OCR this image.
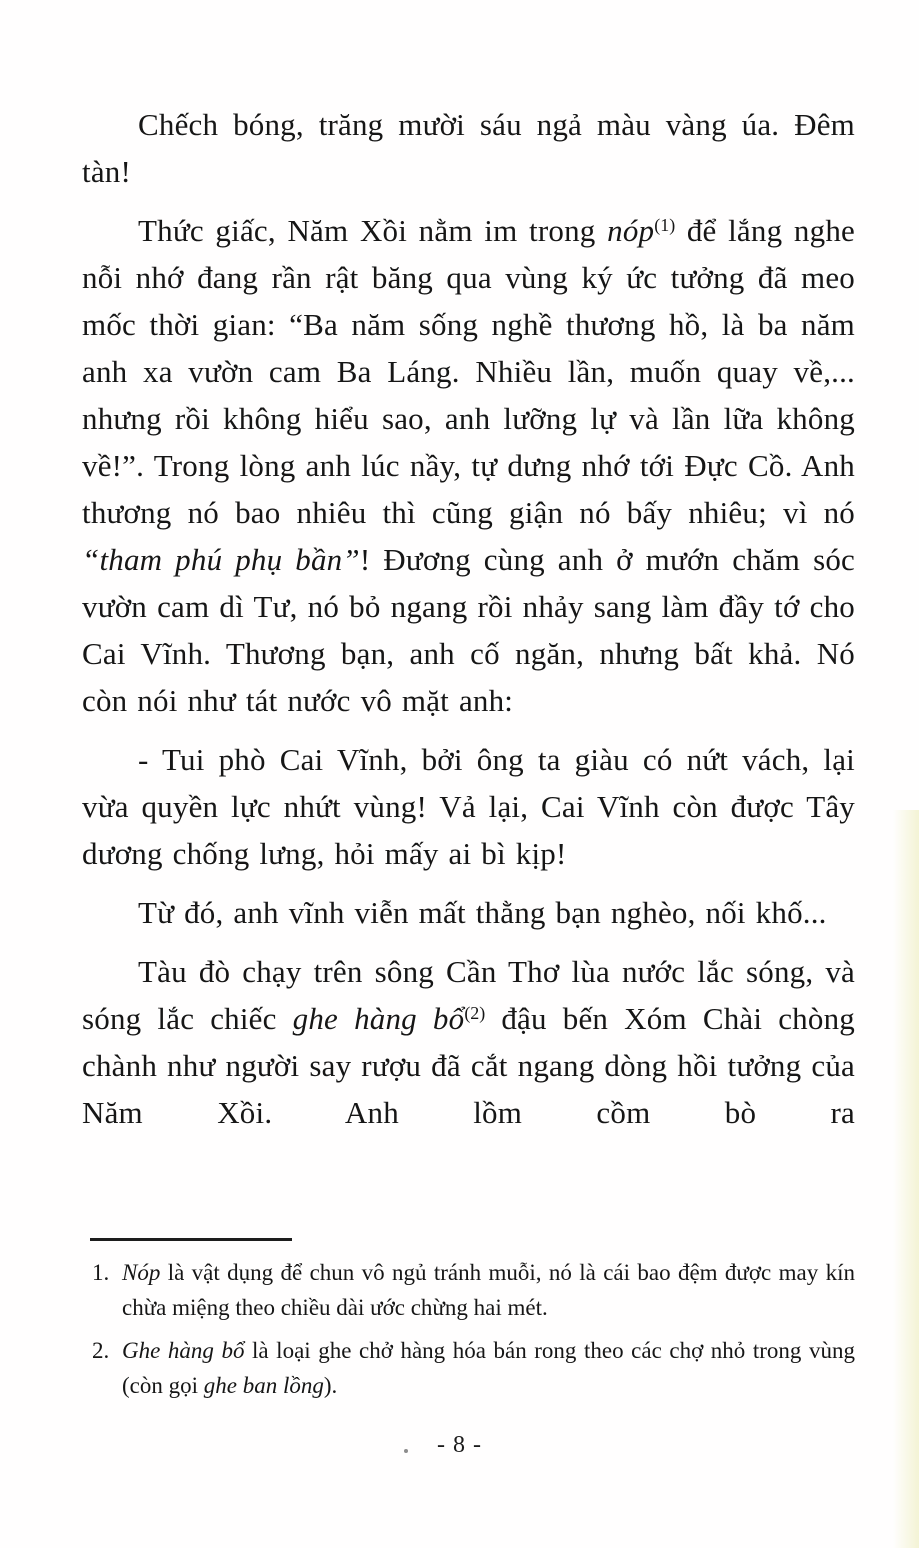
Chếch bóng, trăng mười sáu ngả màu vàng úa. Đêm tàn!

Thức giấc, Năm Xồi nằm im trong nóp$^{(1)}$ để lắng nghe nỗi nhớ đang rần rật băng qua vùng ký ức tưởng đã meo mốc thời gian: “Ba năm sống nghề thương hồ, là ba năm anh xa vườn cam Ba Láng. Nhiều lần, muốn quay về,... nhưng rồi không hiểu sao, anh lưỡng lự và lần lữa không về!”. Trong lòng anh lúc nầy, tự dưng nhớ tới Đực Cồ. Anh thương nó bao nhiêu thì cũng giận nó bấy nhiêu; vì nó “tham phú phụ bần”! Đương cùng anh ở mướn chăm sóc vườn cam dì Tư, nó bỏ ngang rồi nhảy sang làm đầy tớ cho Cai Vĩnh. Thương bạn, anh cố ngăn, nhưng bất khả. Nó còn nói như tát nước vô mặt anh:

- Tui phò Cai Vĩnh, bởi ông ta giàu có nứt vách, lại vừa quyền lực nhứt vùng! Vả lại, Cai Vĩnh còn được Tây dương chống lưng, hỏi mấy ai bì kịp!

Từ đó, anh vĩnh viễn mất thằng bạn nghèo, nối khố...

Tàu đò chạy trên sông Cần Thơ lùa nước lắc sóng, và sóng lắc chiếc ghe hàng bổ$^{(2)}$ đậu bến Xóm Chài chòng chành như người say rượu đã cắt ngang dòng hồi tưởng của Năm Xồi. Anh lồm cồm bò ra

1. Nóp là vật dụng để chun vô ngủ tránh muỗi, nó là cái bao đệm được may kín chừa miệng theo chiều dài ước chừng hai mét.
2. Ghe hàng bổ là loại ghe chở hàng hóa bán rong theo các chợ nhỏ trong vùng (còn gọi ghe ban lồng).
- 8 -
